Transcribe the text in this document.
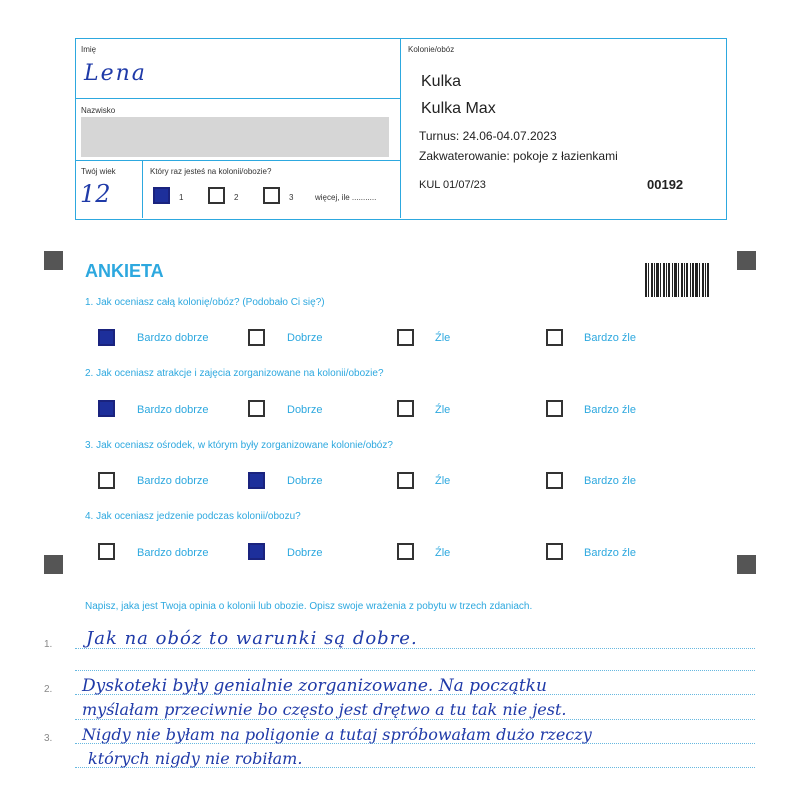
Imię
Lena
Nazwisko
Twój wiek
12
Który raz jesteś na kolonii/obozie?
1	2	3	więcej, ile ...........
Kolonie/obóz
Kulka
Kulka Max
Turnus: 24.06-04.07.2023
Zakwaterowanie: pokoje z łazienkami
KUL 01/07/23	00192
ANKIETA
1. Jak oceniasz całą kolonię/obóz? (Podobało Ci się?)
Bardzo dobrze	Dobrze	Źle	Bardzo źle
2. Jak oceniasz atrakcje i zajęcia zorganizowane na kolonii/obozie?
Bardzo dobrze	Dobrze	Źle	Bardzo źle
3. Jak oceniasz ośrodek, w którym były zorganizowane kolonie/obóz?
Bardzo dobrze	Dobrze	Źle	Bardzo źle
4. Jak oceniasz jedzenie podczas kolonii/obozu?
Bardzo dobrze	Dobrze	Źle	Bardzo źle
Napisz, jaka jest Twoja opinia o kolonii lub obozie. Opisz swoje wrażenia z pobytu w trzech zdaniach.
1.
2.
3.
Jak na obóz to warunki są dobre.
Dyskoteki były genialnie zorganizowane. Na początku
myślałam przeciwnie bo często jest drętwo a tu tak nie jest.
Nigdy nie byłam na poligonie a tutaj spróbowałam dużo rzeczy
których nigdy nie robiłam.
